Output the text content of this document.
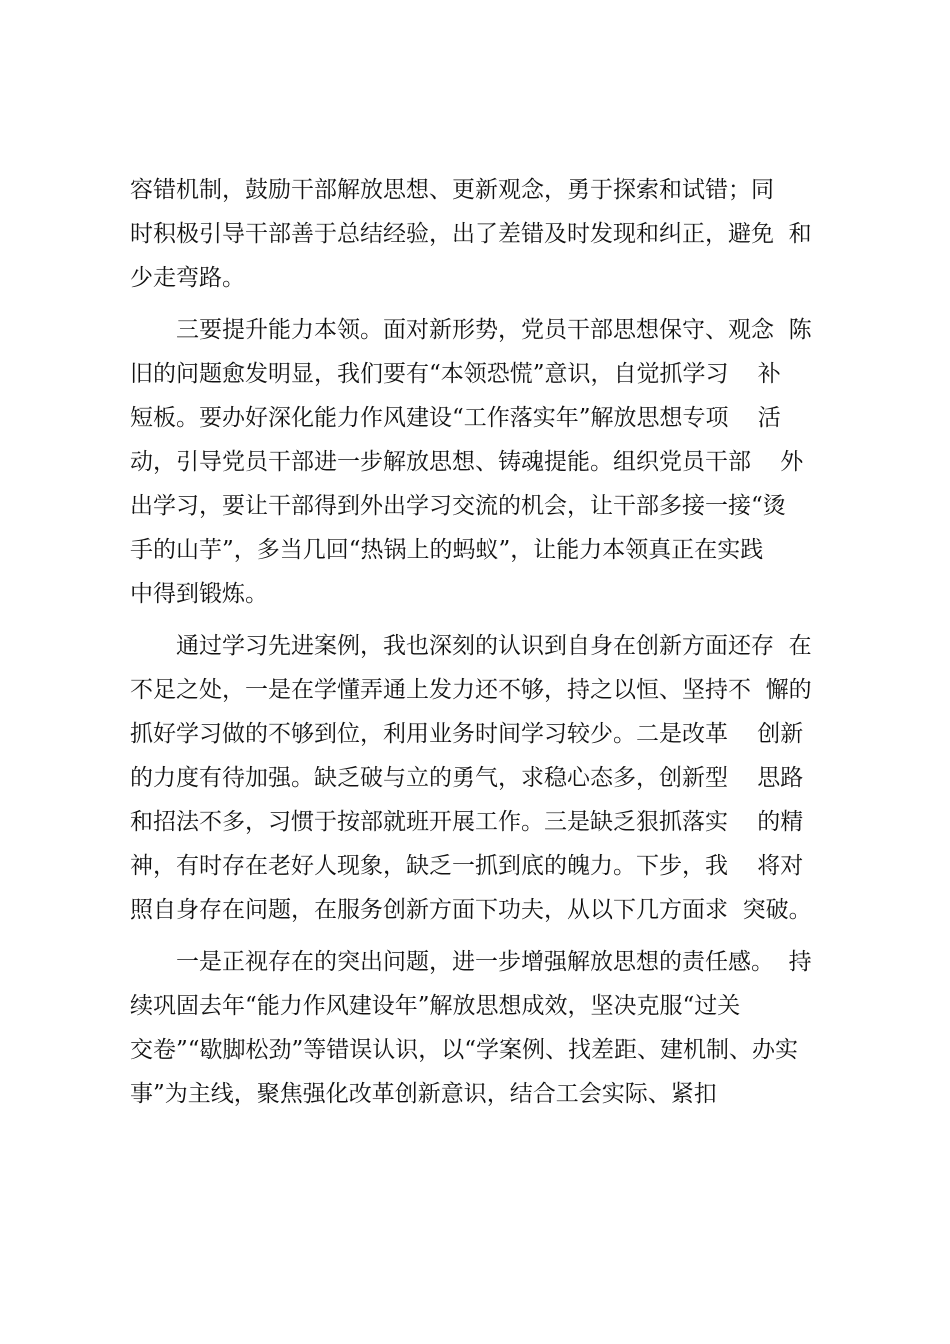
容错机制，鼓励干部解放思想、更新观念，勇于探索和试错；同
时积极引导干部善于总结经验，出了差错及时发现和纠正，避免  和
少走弯路。
三要提升能力本领。面对新形势，党员干部思想保守、观念  陈
旧的问题愈发明显，我们要有“本领恐慌”意识，自觉抓学习    补
短板。要办好深化能力作风建设“工作落实年”解放思想专项    活
动，引导党员干部进一步解放思想、铸魂提能。组织党员干部    外
出学习，要让干部得到外出学习交流的机会，让干部多接一接“烫
手的山芋”，多当几回“热锅上的蚂蚁”，让能力本领真正在实践
中得到锻炼。
通过学习先进案例，我也深刻的认识到自身在创新方面还存  在
不足之处，一是在学懂弄通上发力还不够，持之以恒、坚持不  懈的
抓好学习做的不够到位，利用业务时间学习较少。二是改革    创新
的力度有待加强。缺乏破与立的勇气，求稳心态多，创新型    思路
和招法不多，习惯于按部就班开展工作。三是缺乏狠抓落实    的精
神，有时存在老好人现象，缺乏一抓到底的魄力。下步，我    将对
照自身存在问题，在服务创新方面下功夫，从以下几方面求  突破。
一是正视存在的突出问题，进一步增强解放思想的责任感。  持
续巩固去年“能力作风建设年”解放思想成效，坚决克服“过关
交卷”“歇脚松劲”等错误认识，以“学案例、找差距、建机制、办实
事”为主线，聚焦强化改革创新意识，结合工会实际、紧扣
